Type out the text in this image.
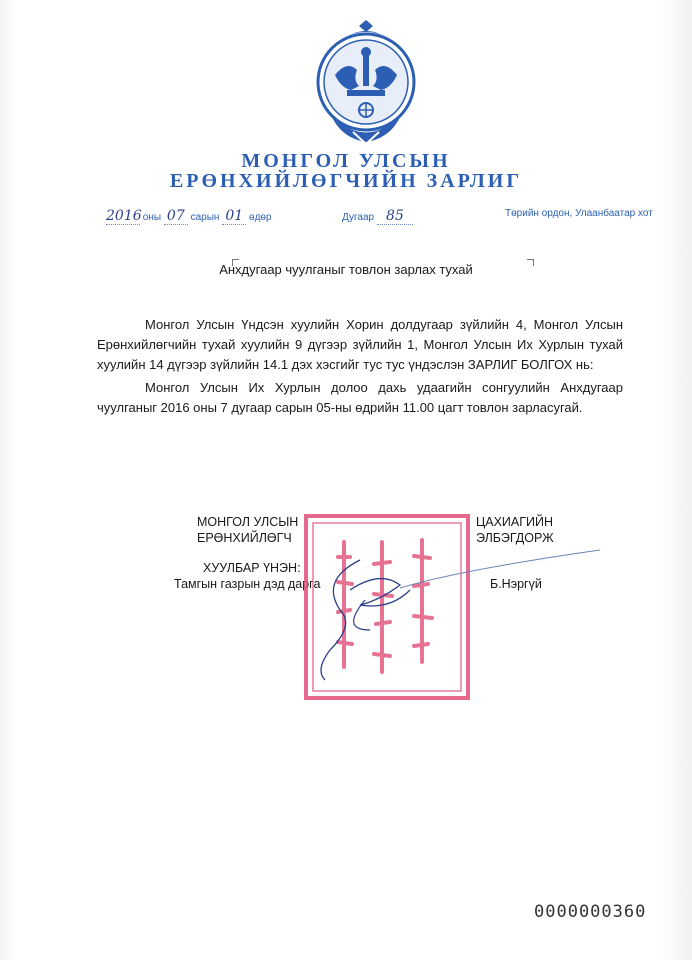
МОНГОЛ УЛСЫН
ЕРӨНХИЙЛӨГЧИЙН ЗАРЛИГ
2016 оны 07 сарын 01 өдөр	Дугаар 85	Төрийн ордон, Улаанбаатар хот
Анхдугаар чуулганыг товлон зарлах тухай
Монгол Улсын Үндсэн хуулийн Хорин долдугаар зүйлийн 4, Монгол Улсын Ерөнхийлөгчийн тухай хуулийн 9 дүгээр зүйлийн 1, Монгол Улсын Их Хурлын тухай хуулийн 14 дүгээр зүйлийн 14.1 дэх хэсгийг тус тус үндэслэн ЗАРЛИГ БОЛГОХ нь:
Монгол Улсын Их Хурлын долоо дахь удаагийн сонгуулийн Анхдугаар чуулганыг 2016 оны 7 дугаар сарын 05-ны өдрийн 11.00 цагт товлон зарласугай.
МОНГОЛ УЛСЫН
ЕРӨНХИЙЛӨГЧ
ЦАХИАГИЙН
ЭЛБЭГДОРЖ
ХУУЛБАР ҮНЭН:
Тамгын газрын дэд дарга	Б.Нэргүй
0000000360
